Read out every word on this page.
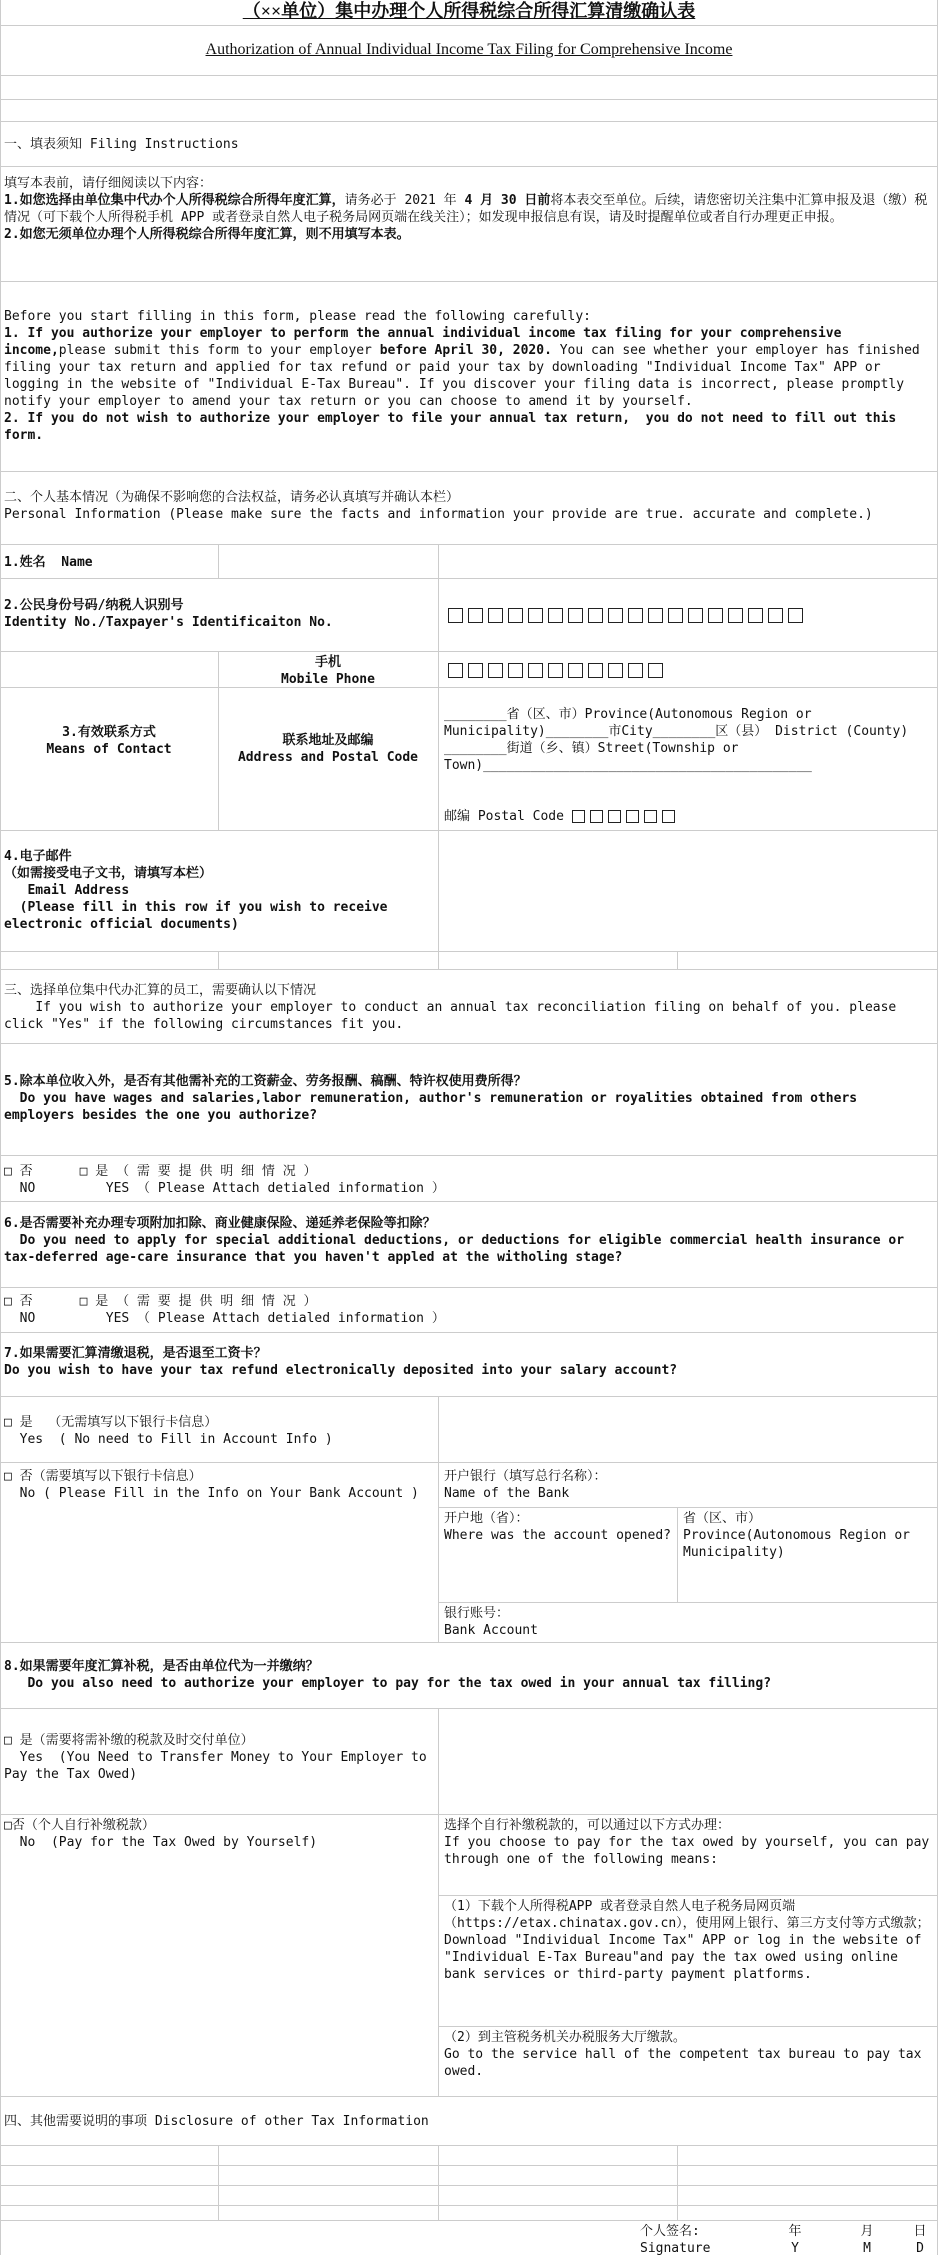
（××单位）集中办理个人所得税综合所得汇算清缴确认表
Authorization of Annual Individual Income Tax Filing for Comprehensive Income
一、填表须知 Filing Instructions
填写本表前，请仔细阅读以下内容：
1.如您选择由单位集中代办个人所得税综合所得年度汇算，请务必于 2021 年 4 月 30 日前将本表交至单位。后续，请您密切关注集中汇算申报及退（缴）税情况（可下载个人所得税手机 APP 或者登录自然人电子税务局网页端在线关注）；如发现申报信息有误，请及时提醒单位或者自行办理更正申报。
2.如您无须单位办理个人所得税综合所得年度汇算，则不用填写本表。
Before you start filling in this form, please read the following carefully:
1. If you authorize your employer to perform the annual individual income tax filing for your comprehensive income,please submit this form to your employer before April 30, 2020. You can see whether your employer has finished filing your tax return and applied for tax refund or paid your tax by downloading "Individual Income Tax" APP or logging in the website of "Individual E-Tax Bureau". If you discover your filing data is incorrect, please promptly notify your employer to amend your tax return or you can choose to amend it by yourself.
2. If you do not wish to authorize your employer to file your annual tax return,  you do not need to fill out this form.
二、个人基本情况（为确保不影响您的合法权益，请务必认真填写并确认本栏）
Personal Information (Please make sure the facts and information your provide are true. accurate and complete.)
1.姓名  Name
2.公民身份号码/纳税人识别号
Identity No./Taxpayer's Identificaiton No.
手机
Mobile Phone
3.有效联系方式
Means of Contact
联系地址及邮编
Address and Postal Code
________省（区、市）Province(Autonomous Region or Municipality)________市City________区（县） District (County) ________街道（乡、镇）Street(Township or Town)__________________________________________
邮编 Postal Code
4.电子邮件
（如需接受电子文书，请填写本栏）
Email Address
(Please fill in this row if you wish to receive electronic official documents)
三、选择单位集中代办汇算的员工，需要确认以下情况
If you wish to authorize your employer to conduct an annual tax reconciliation filing on behalf of you. please click "Yes" if the following circumstances fit you.
5.除本单位收入外，是否有其他需补充的工资薪金、劳务报酬、稿酬、特许权使用费所得？
Do you have wages and salaries,labor remuneration, author's remuneration or royalities obtained from others employers besides the one you authorize?
□ 否      □ 是 （ 需 要 提 供 明 细 情 况 ）
NO         YES （ Please Attach detialed information ）
6.是否需要补充办理专项附加扣除、商业健康保险、递延养老保险等扣除？
Do you need to apply for special additional deductions, or deductions for eligible commercial health insurance or tax-deferred age-care insurance that you haven't appled at the witholing stage?
□ 否      □ 是 （ 需 要 提 供 明 细 情 况 ）
NO         YES （ Please Attach detialed information ）
7.如果需要汇算清缴退税，是否退至工资卡？
Do you wish to have your tax refund electronically deposited into your salary account?
□ 是  （无需填写以下银行卡信息）
Yes  ( No need to Fill in Account Info )
□ 否（需要填写以下银行卡信息）
No ( Please Fill in the Info on Your Bank Account )
开户银行（填写总行名称）：
Name of the Bank
开户地（省）：
Where was the account opened?
省（区、市）
Province(Autonomous Region or Municipality)
银行账号：
Bank Account
8.如果需要年度汇算补税，是否由单位代为一并缴纳？
Do you also need to authorize your employer to pay for the tax owed in your annual tax filling?
□ 是（需要将需补缴的税款及时交付单位）
Yes  (You Need to Transfer Money to Your Employer to Pay the Tax Owed)
□否（个人自行补缴税款）
No  (Pay for the Tax Owed by Yourself)
选择个自行补缴税款的，可以通过以下方式办理：
If you choose to pay for the tax owed by yourself, you can pay through one of the following means:
（1）下载个人所得税APP 或者登录自然人电子税务局网页端（https://etax.chinatax.gov.cn），使用网上银行、第三方支付等方式缴款；
Download "Individual Income Tax" APP or log in the website of "Individual E-Tax Bureau"and pay the tax owed using online bank services or third-party payment platforms.
（2）到主管税务机关办税服务大厅缴款。
Go to the service hall of the competent tax bureau to pay tax owed.
四、其他需要说明的事项 Disclosure of other Tax Information
个人签名:
Signature
年
Y
月
M
日
D
